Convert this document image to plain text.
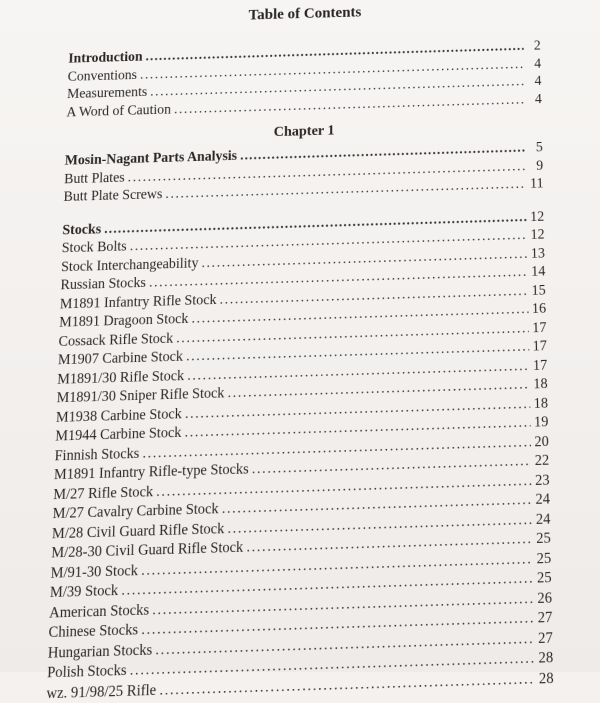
Table of Contents
Introduction
.....
2
Conventions
.....
4
Measurements
.....
4
A Word of Caution
.....
4
Chapter 1
Mosin-Nagant Parts Analysis
.....
5
Butt Plates
.....
9
Butt Plate Screws
.....
11
Stocks
.....
12
Stock Bolts
.....
12
Stock Interchangeability
.....
13
Russian Stocks
.....
14
M1891 Infantry Rifle Stock
.....
15
M1891 Dragoon Stock
.....
16
Cossack Rifle Stock
.....
17
M1907 Carbine Stock
.....
17
M1891/30 Rifle Stock
.....
17
M1891/30 Sniper Rifle Stock
.....
18
M1938 Carbine Stock
.....
18
M1944 Carbine Stock
.....
19
Finnish Stocks
.....
20
M1891 Infantry Rifle-type Stocks
.....
22
M/27 Rifle Stock
.....
23
M/27 Cavalry Carbine Stock
.....
24
M/28 Civil Guard Rifle Stock
.....
24
M/28-30 Civil Guard Rifle Stock
.....
25
M/91-30 Stock
.....
25
M/39 Stock
.....
25
American Stocks
.....
26
Chinese Stocks
.....
27
Hungarian Stocks
.....
27
Polish Stocks
.....
28
wz. 91/98/25 Rifle
.....
28
